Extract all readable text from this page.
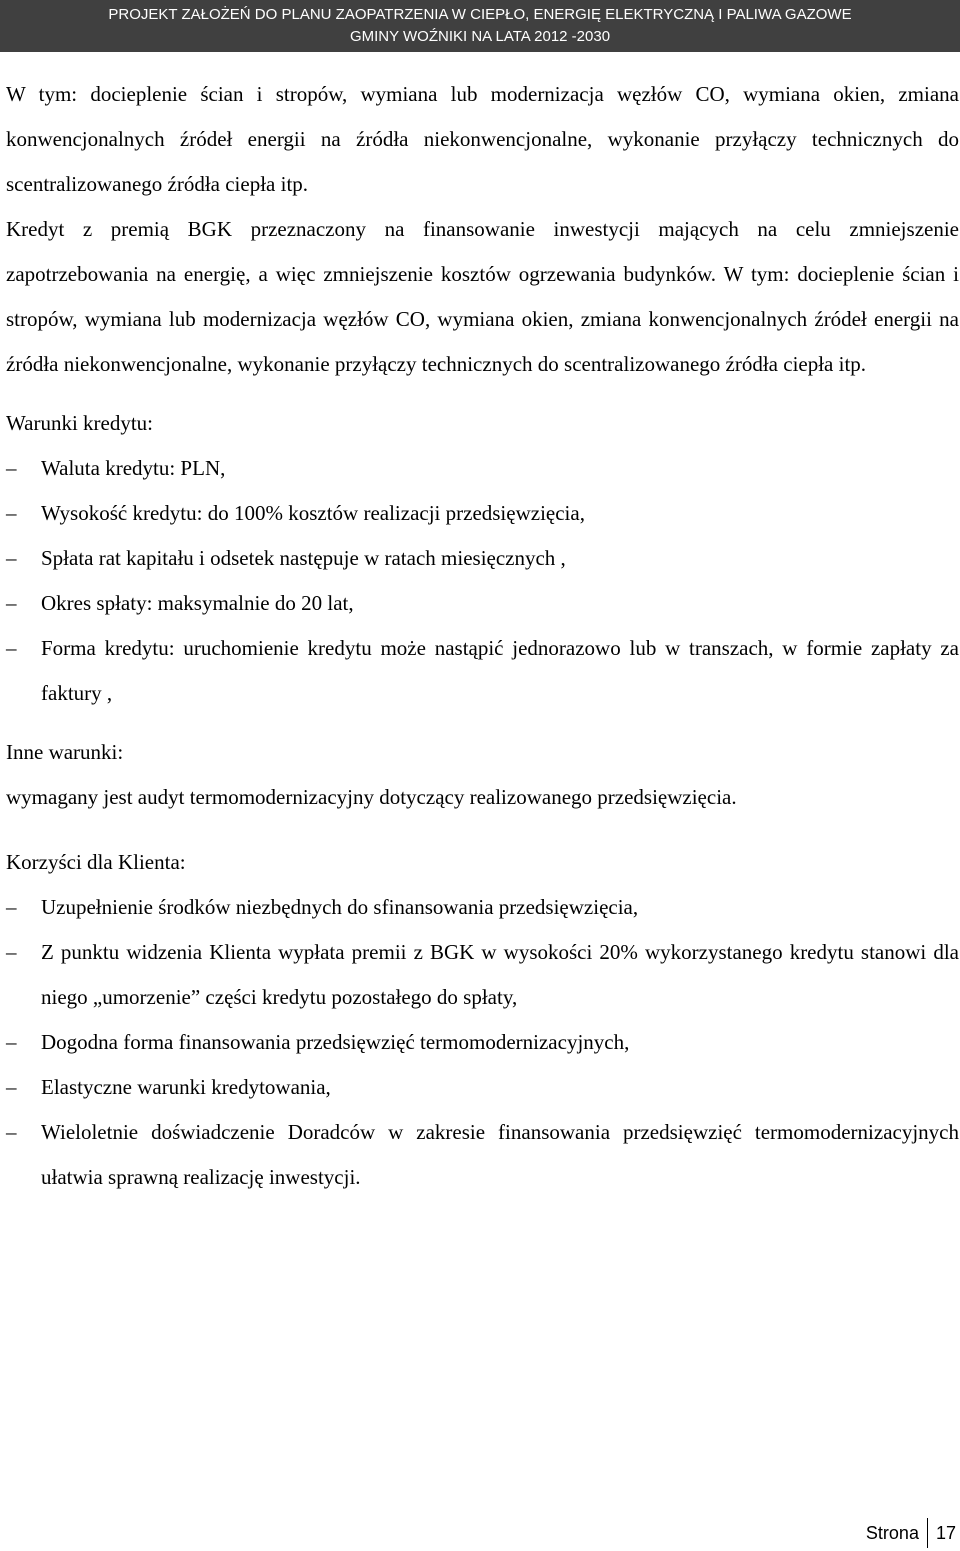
PROJEKT ZAŁOŻEŃ DO PLANU ZAOPATRZENIA W CIEPŁO, ENERGIĘ ELEKTRYCZNĄ I PALIWA GAZOWE
GMINY WOŹNIKI NA LATA 2012 -2030

W tym: docieplenie ścian i stropów, wymiana lub modernizacja węzłów CO, wymiana okien, zmiana konwencjonalnych źródeł energii na źródła niekonwencjonalne, wykonanie przyłączy technicznych do scentralizowanego źródła ciepła itp.

Kredyt z premią BGK przeznaczony na finansowanie inwestycji mających na celu zmniejszenie zapotrzebowania na energię, a więc zmniejszenie kosztów ogrzewania budynków. W tym: docieplenie ścian i stropów, wymiana lub modernizacja węzłów CO, wymiana okien, zmiana konwencjonalnych źródeł energii na źródła niekonwencjonalne, wykonanie przyłączy technicznych do scentralizowanego źródła ciepła itp.

Warunki kredytu:

–	Waluta kredytu: PLN,
–	Wysokość kredytu: do 100% kosztów realizacji przedsięwzięcia,
–	Spłata rat kapitału i odsetek następuje w ratach miesięcznych ,
–	Okres spłaty: maksymalnie do 20 lat,
–	Forma kredytu: uruchomienie kredytu może nastąpić jednorazowo lub w transzach, w formie zapłaty za faktury ,

Inne warunki:

wymagany jest audyt termomodernizacyjny dotyczący realizowanego przedsięwzięcia.

Korzyści dla Klienta:

–	Uzupełnienie środków niezbędnych do sfinansowania przedsięwzięcia,
–	Z punktu widzenia Klienta wypłata premii z BGK w wysokości 20% wykorzystanego kredytu stanowi dla niego „umorzenie” części kredytu pozostałego do spłaty,
–	Dogodna forma finansowania przedsięwzięć termomodernizacyjnych,
–	Elastyczne warunki kredytowania,
–	Wieloletnie doświadczenie Doradców w zakresie finansowania przedsięwzięć termomodernizacyjnych ułatwia sprawną realizację inwestycji.
Strona 17
